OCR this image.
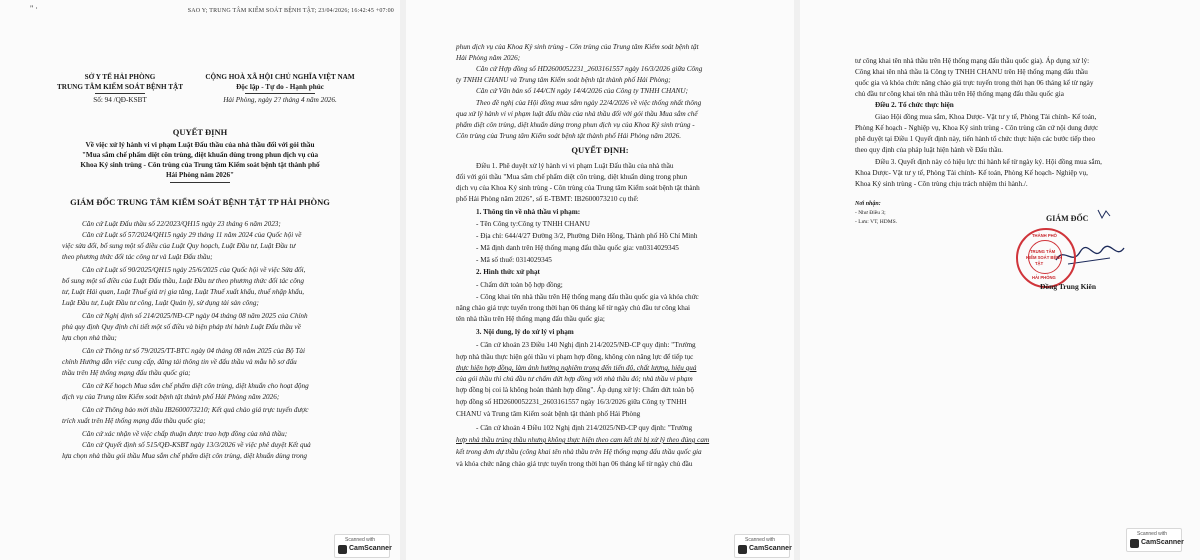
" ·	SAO Y; TRUNG TÂM KIỂM SOÁT BỆNH TẬT; 23/04/2026; 16:42:45 +07:00
SỞ Y TẾ HẢI PHÒNG
TRUNG TÂM KIỂM SOÁT BỆNH TẬT
Số: 94 /QĐ-KSBT
CỘNG HOÀ XÃ HỘI CHỦ NGHĨA VIỆT NAM
Độc lập - Tự do - Hạnh phúc
Hải Phòng, ngày 2? tháng 4 năm 2026.
QUYẾT ĐỊNH
Về việc xử lý hành vi vi phạm Luật Đấu thầu của nhà thầu đối với gói thầu
"Mua sắm chế phẩm diệt côn trùng, diệt khuẩn dùng trong phun dịch vụ của
Khoa Ký sinh trùng - Côn trùng của Trung tâm Kiểm soát bệnh tật thành phố
Hải Phòng năm 2026"
GIÁM ĐỐC TRUNG TÂM KIỂM SOÁT BỆNH TẬT TP HẢI PHÒNG
Căn cứ Luật Đấu thầu số 22/2023/QH15 ngày 23 tháng 6 năm 2023;
Căn cứ Luật số 57/2024/QH15 ngày 29 tháng 11 năm 2024 của Quốc hội về
việc sửa đổi, bổ sung một số điều của Luật Quy hoạch, Luật Đầu tư, Luật Đầu tư
theo phương thức đối tác công tư và Luật Đấu thầu;
Căn cứ Luật số 90/2025/QH15 ngày 25/6/2025 của Quốc hội về việc Sửa đổi,
bổ sung một số điều của Luật Đấu thầu, Luật Đầu tư theo phương thức đối tác công
tư, Luật Hải quan, Luật Thuế giá trị gia tăng, Luật Thuế xuất khẩu, thuế nhập khẩu,
Luật Đầu tư, Luật Đầu tư công, Luật Quản lý, sử dụng tài sản công;
Căn cứ Nghị định số 214/2025/NĐ-CP ngày 04 tháng 08 năm 2025 của Chính
phủ quy định Quy định chi tiết một số điều và biện pháp thi hành Luật Đấu thầu về
lựa chọn nhà thầu;
Căn cứ Thông tư số 79/2025/TT-BTC ngày 04 tháng 08 năm 2025 của Bộ Tài
chính Hướng dẫn việc cung cấp, đăng tải thông tin về đấu thầu và mẫu hồ sơ đấu
thầu trên Hệ thống mạng đấu thầu quốc gia;
Căn cứ Kế hoạch Mua sắm chế phẩm diệt côn trùng, diệt khuẩn cho hoạt động
dịch vụ của Trung tâm Kiểm soát bệnh tật thành phố Hải Phòng năm 2026;
Căn cứ Thông báo mời thầu IB2600073210; Kết quả chào giá trực tuyến được
trích xuất trên Hệ thống mạng đấu thầu quốc gia;
Căn cứ xác nhận về việc chấp thuận được trao hợp đồng của nhà thầu;
Căn cứ Quyết định số 515/QĐ-KSBT ngày 13/3/2026 về việc phê duyệt Kết quả
lựa chọn nhà thầu gói thầu Mua sắm chế phẩm diệt côn trùng, diệt khuẩn dùng trong
Scanned with
CamScanner
phun dịch vụ của Khoa Ký sinh trùng - Côn trùng của Trung tâm Kiểm soát bệnh tật
Hải Phòng năm 2026;
Căn cứ Hợp đồng số HD2600052231_2603161557 ngày 16/3/2026 giữa Công
ty TNHH CHANU và Trung tâm Kiểm soát bệnh tật thành phố Hải Phòng;
Căn cứ Văn bản số 144/CN ngày 14/4/2026 của Công ty TNHH CHANU;
Theo đề nghị của Hội đồng mua sắm ngày 22/4/2026 về việc thống nhất thông
qua xử lý hành vi vi phạm luật đấu thầu của nhà thầu đối với gói thầu Mua sắm chế
phẩm diệt côn trùng, diệt khuẩn dùng trong phun dịch vụ của Khoa Ký sinh trùng -
Côn trùng của Trung tâm Kiểm soát bệnh tật thành phố Hải Phòng năm 2026.
QUYẾT ĐỊNH:
Điều 1. Phê duyệt xử lý hành vi vi phạm Luật Đấu thầu của nhà thầu
đối với gói thầu "Mua sắm chế phẩm diệt côn trùng, diệt khuẩn dùng trong phun
dịch vụ của Khoa Ký sinh trùng - Côn trùng của Trung tâm Kiểm soát bệnh tật thành
phố Hải Phòng năm 2026", số E-TBMT: IB2600073210 cụ thể:
1. Thông tin về nhà thầu vi phạm:
- Tên Công ty:Công ty TNHH CHANU
- Địa chỉ: 644/4/27 Đường 3/2, Phường Diên Hồng, Thành phố Hồ Chí Minh
- Mã định danh trên Hệ thống mạng đấu thầu quốc gia: vn0314029345
- Mã số thuế: 0314029345
2. Hình thức xử phạt
- Chấm dứt toàn bộ hợp đồng;
- Công khai tên nhà thầu trên Hệ thống mạng đấu thầu quốc gia và khóa chức
năng chào giá trực tuyến trong thời hạn 06 tháng kể từ ngày chủ đầu tư công khai
tên nhà thầu trên Hệ thống mạng đấu thầu quốc gia;
3. Nội dung, lý do xử lý vi phạm
- Căn cứ khoản 23 Điều 140 Nghị định 214/2025/NĐ-CP quy định: "Trường
hợp nhà thầu thực hiện gói thầu vi phạm hợp đồng, không còn năng lực để tiếp tục
thực hiện hợp đồng, làm ảnh hưởng nghiêm trọng đến tiến độ, chất lượng, hiệu quả
của gói thầu thì chủ đầu tư chấm dứt hợp đồng với nhà thầu đó; nhà thầu vi phạm
hợp đồng bị coi là không hoàn thành hợp đồng". Áp dụng xử lý: Chấm dứt toàn bộ
hợp đồng số HD2600052231_2603161557 ngày 16/3/2026 giữa Công ty TNHH
CHANU và Trung tâm Kiểm soát bệnh tật thành phố Hải Phòng
- Căn cứ khoản 4 Điều 102 Nghị định 214/2025/NĐ-CP quy định: "Trường
hợp nhà thầu trúng thầu nhưng không thực hiện theo cam kết thì bị xử lý theo đúng cam
kết trong đơn dự thầu (công khai tên nhà thầu trên Hệ thống mạng đấu thầu quốc gia
và khóa chức năng chào giá trực tuyến trong thời hạn 06 tháng kể từ ngày chủ đầu
Scanned with
CamScanner
tư công khai tên nhà thầu trên Hệ thống mạng đấu thầu quốc gia). Áp dụng xử lý:
Công khai tên nhà thầu là Công ty TNHH CHANU trên Hệ thống mạng đấu thầu
quốc gia và khóa chức năng chào giá trực tuyến trong thời hạn 06 tháng kể từ ngày
chủ đầu tư công khai tên nhà thầu trên Hệ thống mạng đấu thầu quốc gia
Điều 2. Tổ chức thực hiện
Giao Hội đồng mua sắm, Khoa Dược- Vật tư y tế, Phòng Tài chính- Kế toán,
Phòng Kế hoạch - Nghiệp vụ, Khoa Ký sinh trùng - Côn trùng căn cứ nội dung được
phê duyệt tại Điều 1 Quyết định này, tiến hành tổ chức thực hiện các bước tiếp theo
theo quy định của pháp luật hiện hành về Đấu thầu.
Điều 3. Quyết định này có hiệu lực thi hành kể từ ngày ký. Hội đồng mua sắm,
Khoa Dược- Vật tư y tế, Phòng Tài chính- Kế toán, Phòng Kế hoạch- Nghiệp vụ,
Khoa Ký sinh trùng - Côn trùng chịu trách nhiệm thi hành./.
Nơi nhận:
- Như Điều 3;
- Lưu: VT, HDMS.	GIÁM ĐỐC
THÀNH PHỐ
TRUNG TÂM
KIỂM SOÁT BỆNH
TẬT
HẢI PHÒNG
Đồng Trung Kiên
Scanned with
CamScanner
